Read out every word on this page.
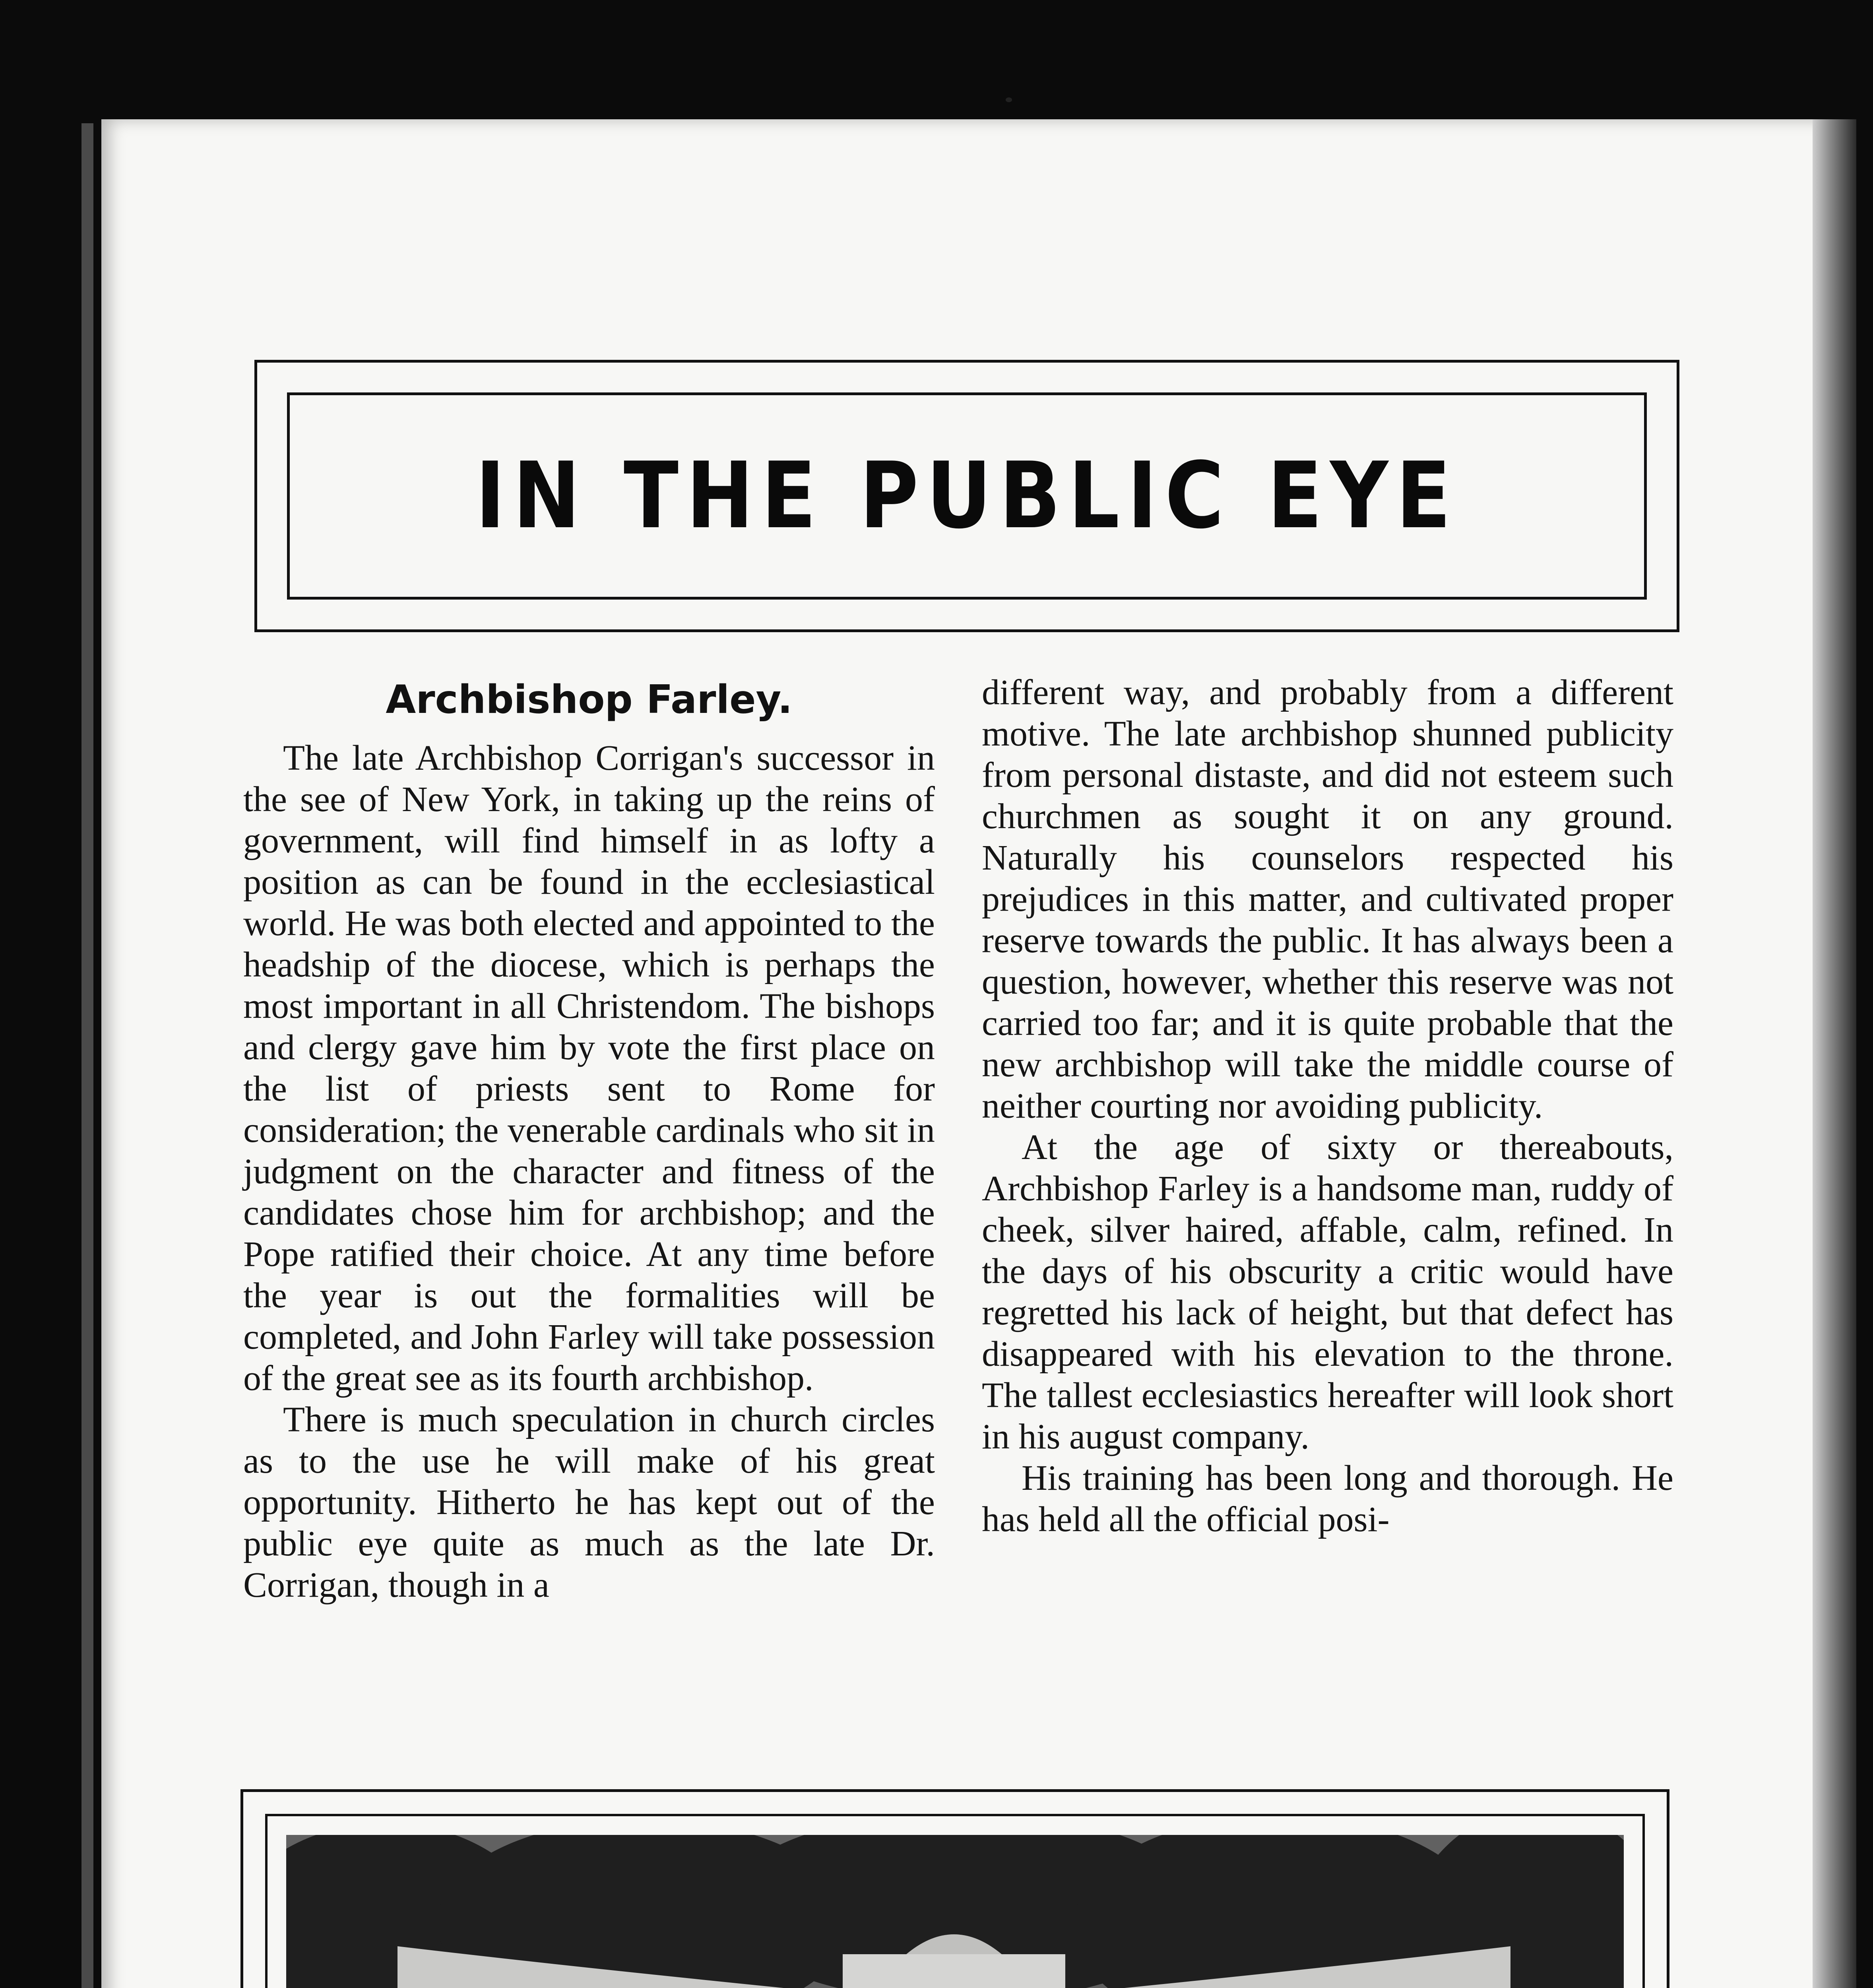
IN THE PUBLIC EYE
Archbishop Farley.

The late Archbishop Corrigan's successor in the see of New York, in taking up the reins of government, will find himself in as lofty a position as can be found in the ecclesiastical world. He was both elected and appointed to the headship of the diocese, which is perhaps the most important in all Christendom. The bishops and clergy gave him by vote the first place on the list of priests sent to Rome for consideration; the venerable cardinals who sit in judgment on the character and fitness of the candidates chose him for archbishop; and the Pope ratified their choice. At any time before the year is out the formalities will be completed, and John Farley will take possession of the great see as its fourth archbishop.

There is much speculation in church circles as to the use he will make of his great opportunity. Hitherto he has kept out of the public eye quite as much as the late Dr. Corrigan, though in a

different way, and probably from a different motive. The late archbishop shunned publicity from personal distaste, and did not esteem such churchmen as sought it on any ground. Naturally his counselors respected his prejudices in this matter, and cultivated proper reserve towards the public. It has always been a question, however, whether this reserve was not carried too far; and it is quite probable that the new archbishop will take the middle course of neither courting nor avoiding publicity.

At the age of sixty or thereabouts, Archbishop Farley is a handsome man, ruddy of cheek, silver haired, affable, calm, refined. In the days of his obscurity a critic would have regretted his lack of height, but that defect has disappeared with his elevation to the throne. The tallest ecclesiastics hereafter will look short in his august company.

His training has been long and thorough. He has held all the official posi-
